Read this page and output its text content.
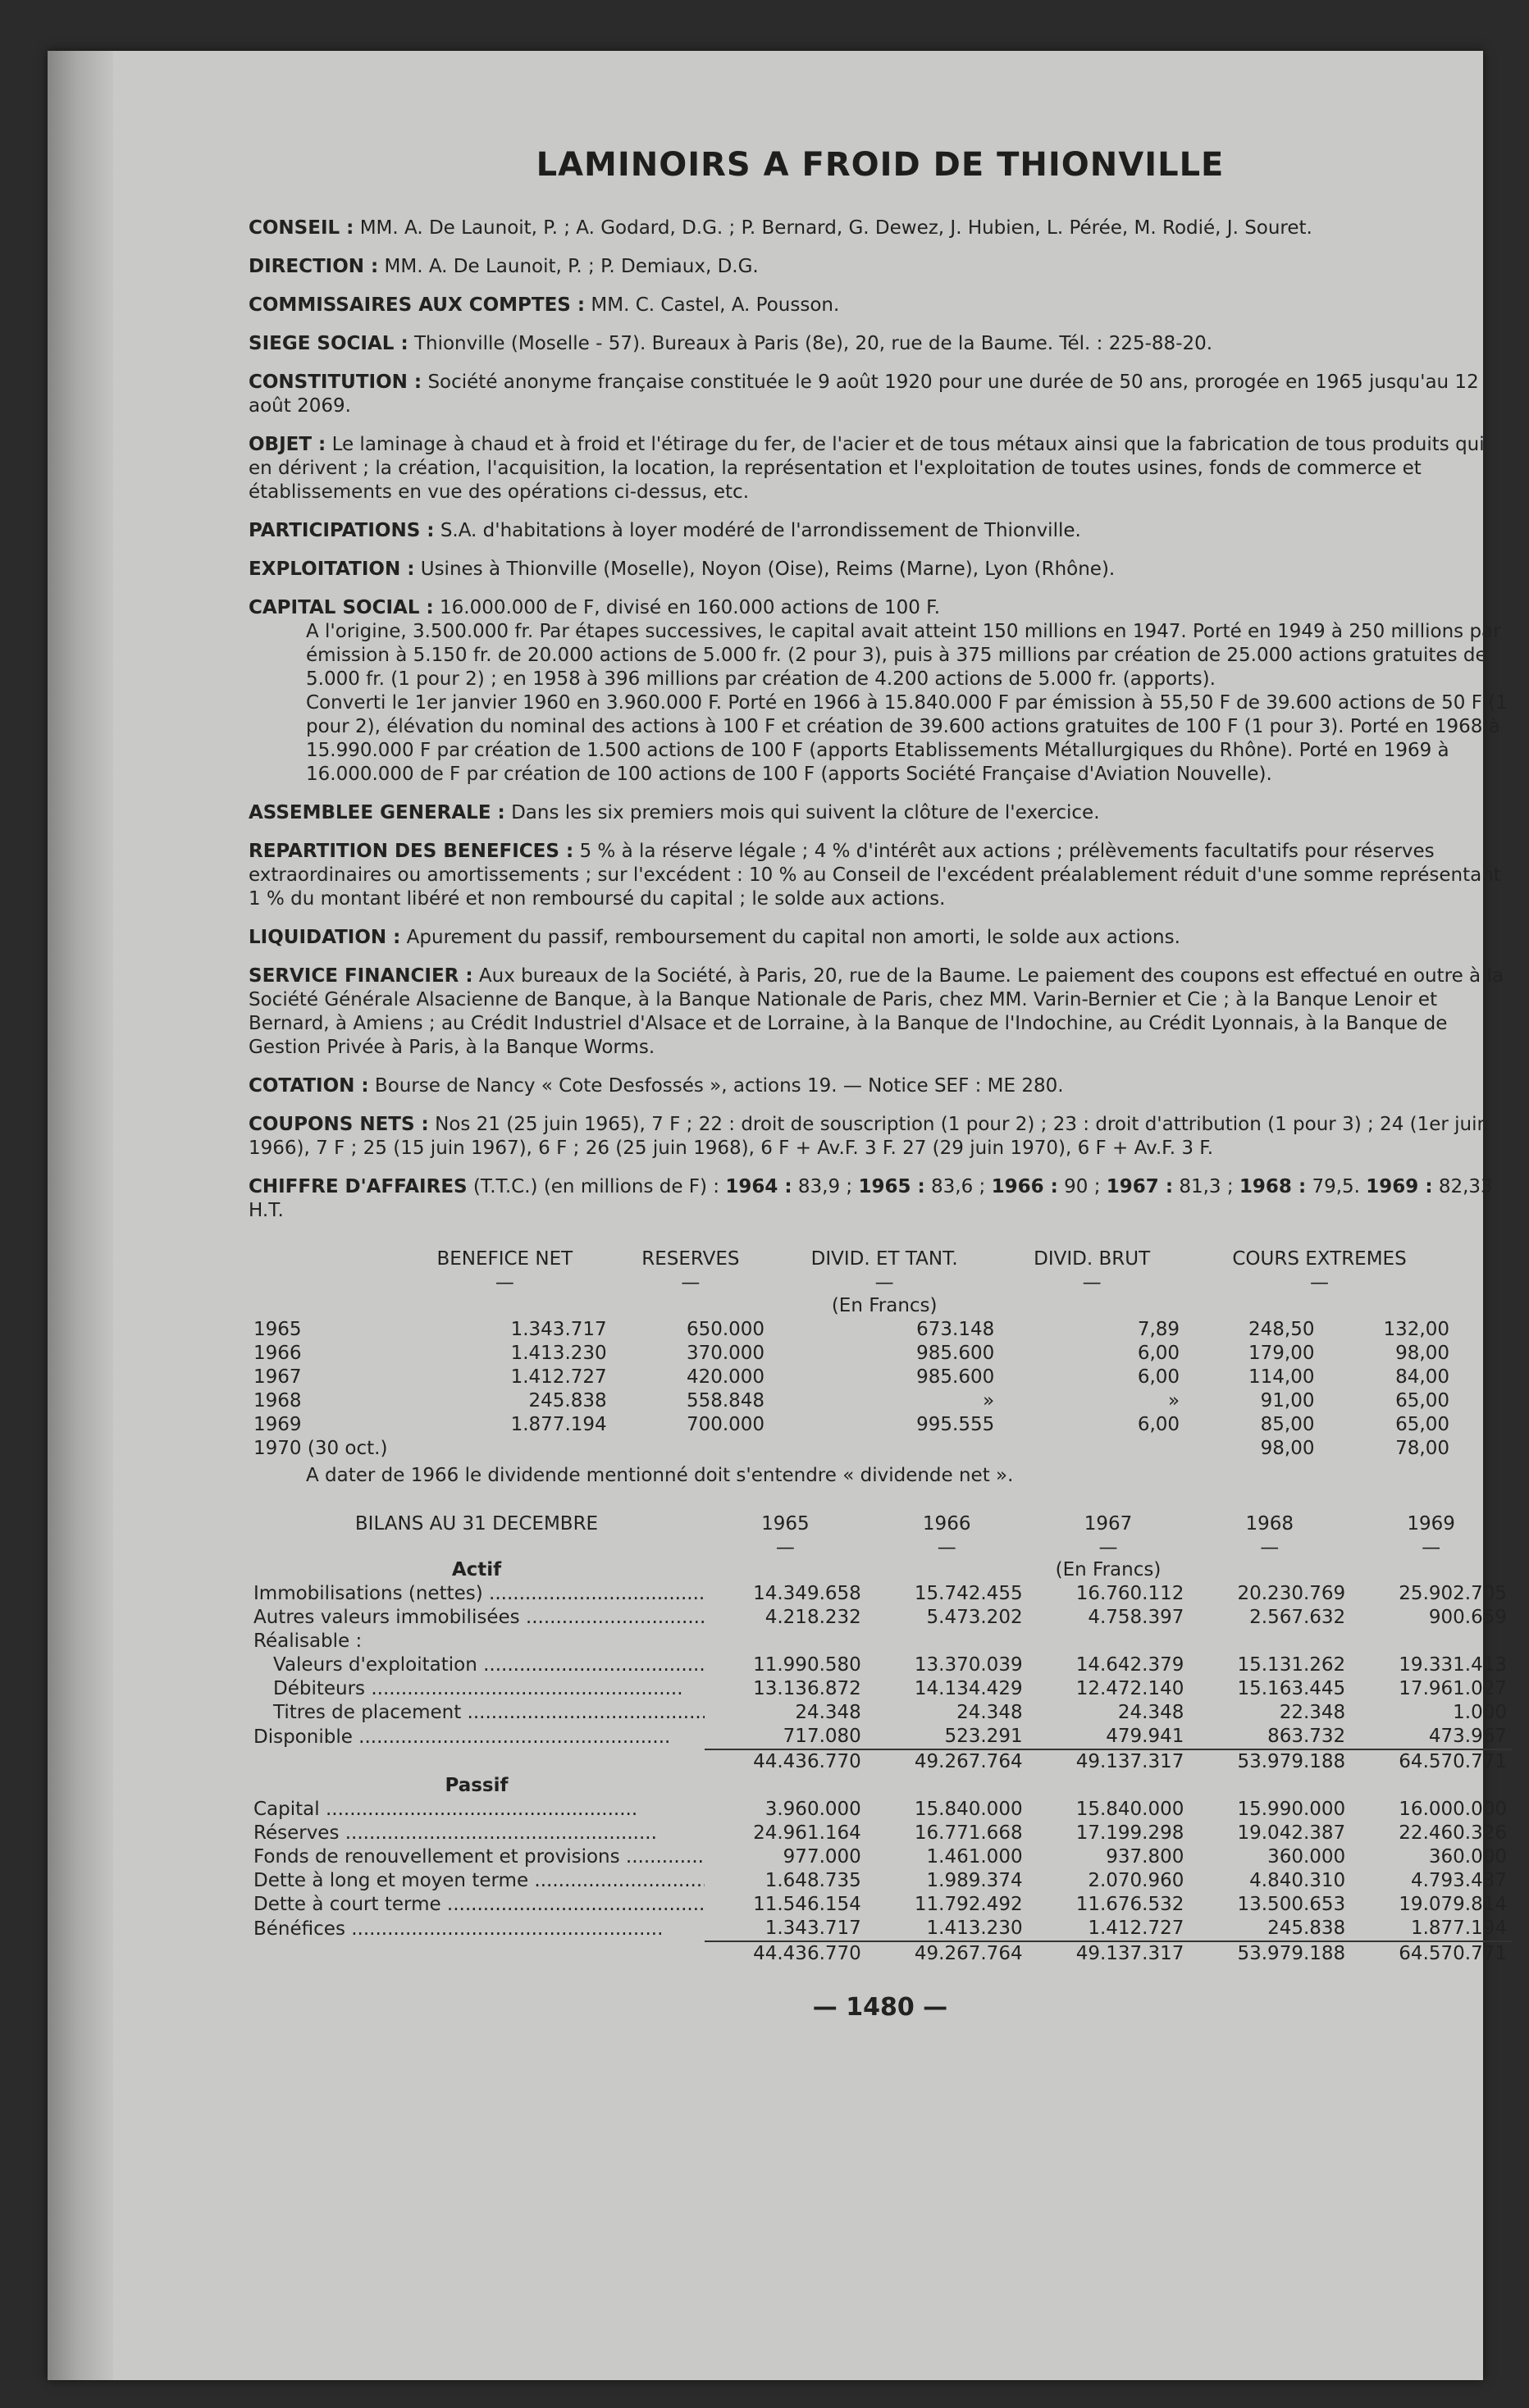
LAMINOIRS A FROID DE THIONVILLE
CONSEIL : MM. A. De Launoit, P. ; A. Godard, D.G. ; P. Bernard, G. Dewez, J. Hubien, L. Pérée, M. Rodié, J. Souret.
DIRECTION : MM. A. De Launoit, P. ; P. Demiaux, D.G.
COMMISSAIRES AUX COMPTES : MM. C. Castel, A. Pousson.
SIEGE SOCIAL : Thionville (Moselle - 57). Bureaux à Paris (8e), 20, rue de la Baume. Tél. : 225-88-20.
CONSTITUTION : Société anonyme française constituée le 9 août 1920 pour une durée de 50 ans, prorogée en 1965 jusqu'au 12 août 2069.
OBJET : Le laminage à chaud et à froid et l'étirage du fer, de l'acier et de tous métaux ainsi que la fabrication de tous produits qui en dérivent ; la création, l'acquisition, la location, la représentation et l'exploitation de toutes usines, fonds de commerce et établissements en vue des opérations ci-dessus, etc.
PARTICIPATIONS : S.A. d'habitations à loyer modéré de l'arrondissement de Thionville.
EXPLOITATION : Usines à Thionville (Moselle), Noyon (Oise), Reims (Marne), Lyon (Rhône).
CAPITAL SOCIAL : 16.000.000 de F, divisé en 160.000 actions de 100 F.

A l'origine, 3.500.000 fr. Par étapes successives, le capital avait atteint 150 millions en 1947. Porté en 1949 à 250 millions par émission à 5.150 fr. de 20.000 actions de 5.000 fr. (2 pour 3), puis à 375 millions par création de 25.000 actions gratuites de 5.000 fr. (1 pour 2) ; en 1958 à 396 millions par création de 4.200 actions de 5.000 fr. (apports).

Converti le 1er janvier 1960 en 3.960.000 F. Porté en 1966 à 15.840.000 F par émission à 55,50 F de 39.600 actions de 50 F (1 pour 2), élévation du nominal des actions à 100 F et création de 39.600 actions gratuites de 100 F (1 pour 3). Porté en 1968 à 15.990.000 F par création de 1.500 actions de 100 F (apports Etablissements Métallurgiques du Rhône). Porté en 1969 à 16.000.000 de F par création de 100 actions de 100 F (apports Société Française d'Aviation Nouvelle).

ASSEMBLEE GENERALE : Dans les six premiers mois qui suivent la clôture de l'exercice.
REPARTITION DES BENEFICES : 5 % à la réserve légale ; 4 % d'intérêt aux actions ; prélèvements facultatifs pour réserves extraordinaires ou amortissements ; sur l'excédent : 10 % au Conseil de l'excédent préalablement réduit d'une somme représentant 1 % du montant libéré et non remboursé du capital ; le solde aux actions.
LIQUIDATION : Apurement du passif, remboursement du capital non amorti, le solde aux actions.
SERVICE FINANCIER : Aux bureaux de la Société, à Paris, 20, rue de la Baume. Le paiement des coupons est effectué en outre à la Société Générale Alsacienne de Banque, à la Banque Nationale de Paris, chez MM. Varin-Bernier et Cie ; à la Banque Lenoir et Bernard, à Amiens ; au Crédit Industriel d'Alsace et de Lorraine, à la Banque de l'Indochine, au Crédit Lyonnais, à la Banque de Gestion Privée à Paris, à la Banque Worms.
COTATION : Bourse de Nancy « Cote Desfossés », actions 19. — Notice SEF : ME 280.
COUPONS NETS : Nos 21 (25 juin 1965), 7 F ; 22 : droit de souscription (1 pour 2) ; 23 : droit d'attribution (1 pour 3) ; 24 (1er juin 1966), 7 F ; 25 (15 juin 1967), 6 F ; 26 (25 juin 1968), 6 F + Av.F. 3 F. 27 (29 juin 1970), 6 F + Av.F. 3 F.
CHIFFRE D'AFFAIRES (T.T.C.) (en millions de F) : 1964 : 83,9 ; 1965 : 83,6 ; 1966 : 90 ; 1967 : 81,3 ; 1968 : 79,5. 1969 : 82,33 H.T.
	BENEFICE NET	RESERVES	DIVID. ET TANT.	DIVID. BRUT	COURS EXTREMES	
	—	—	—	—	—	
			(En Francs)			
1965	1.343.717	650.000	673.148	7,89	248,50	132,00
1966	1.413.230	370.000	985.600	6,00	179,00	98,00
1967	1.412.727	420.000	985.600	6,00	114,00	84,00
1968	245.838	558.848	»	»	91,00	65,00
1969	1.877.194	700.000	995.555	6,00	85,00	65,00
1970 (30 oct.)					98,00	78,00
A dater de 1966 le dividende mentionné doit s'entendre « dividende net ».
BILANS AU 31 DECEMBRE	1965	1966	1967	1968	1969
	—	—	—	—	—
Actif			(En Francs)		
Immobilisations (nettes) .....	14.349.658	15.742.455	16.760.112	20.230.769	25.902.705
Autres valeurs immobilisées .....	4.218.232	5.473.202	4.758.397	2.567.632	900.659
Réalisable :					
Valeurs d'exploitation .....	11.990.580	13.370.039	14.642.379	15.131.262	19.331.413
Débiteurs .....	13.136.872	14.134.429	12.472.140	15.163.445	17.961.027
Titres de placement .....	24.348	24.348	24.348	22.348	1.000
Disponible .....	717.080	523.291	479.941	863.732	473.967
	44.436.770	49.267.764	49.137.317	53.979.188	64.570.771
Passif					
Capital .....	3.960.000	15.840.000	15.840.000	15.990.000	16.000.000
Réserves .....	24.961.164	16.771.668	17.199.298	19.042.387	22.460.326
Fonds de renouvellement et provisions .....	977.000	1.461.000	937.800	360.000	360.000
Dette à long et moyen terme .....	1.648.735	1.989.374	2.070.960	4.840.310	4.793.437
Dette à court terme .....	11.546.154	11.792.492	11.676.532	13.500.653	19.079.814
Bénéfices .....	1.343.717	1.413.230	1.412.727	245.838	1.877.194
	44.436.770	49.267.764	49.137.317	53.979.188	64.570.771
— 1480 —
